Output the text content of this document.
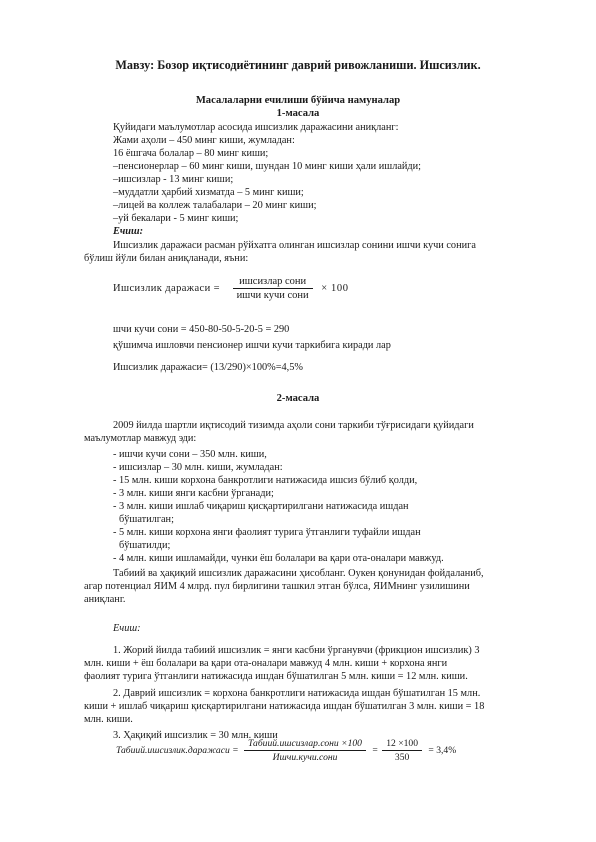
Мавзу: Бозор иқтисодиётининг даврий ривожланиши. Ишсизлик.
Масалаларни ечилиши бўйича намуналар
1-масала
Қуйидаги маълумотлар асосида ишсизлик даражасини аниқланг:
Жами аҳоли – 450 минг киши, жумладан:
16 ёшгача болалар – 80 минг киши;
–пенсионерлар – 60 минг киши, шундан 10 минг киши ҳали ишлайди;
–ишсизлар - 13 минг киши;
–муддатли ҳарбий хизматда – 5 минг киши;
–лицей ва коллеж талабалари – 20 минг киши;
–уй бекалари - 5 минг киши;
Ечиш:
Ишсизлик даражаси расман рўйхатга олинган ишсизлар сонини ишчи кучи сонига
бўлиш йўли билан аниқланади, яъни:
Ишсизлик даражаси = $\frac{\text{ишсизлар сони}}{\text{ишчи кучи сони}} \times 100$
шчи кучи сони = 450-80-50-5-20-5 = 290
қўшимча ишловчи пенсионер ишчи кучи таркибига киради лар
Ишсизлик даражаси= (13/290)×100%=4,5%
2-масала
2009 йилда шартли иқтисодий тизимда аҳоли сони таркиби тўғрисидаги қуйидаги
маълумотлар мавжуд эди:
- ишчи кучи сони – 350 млн. киши,
- ишсизлар – 30 млн. киши, жумладан:
- 15 млн. киши корхона банкротлиги натижасида ишсиз бўлиб қолди,
- 3 млн. киши янги касбни ўрганади;
- 3 млн. киши ишлаб чиқариш қисқартирилгани натижасида ишдан
бўшатилган;
- 5 млн. киши корхона янги фаолият турига ўтганлиги туфайли ишдан
бўшатилди;
- 4 млн. киши ишламайди, чунки ёш болалари ва қари ота-оналари мавжуд.
Табиий ва ҳақиқий ишсизлик даражасини ҳисобланг. Оукен қонунидан фойдаланиб,
агар потенциал ЯИМ 4 млрд. пул бирлигини ташкил этган бўлса, ЯИМнинг узилишини
аниқланг.
Ечиш:
1. Жорий йилда табиий ишсизлик = янги касбни ўрганувчи (фрикцион ишсизлик) 3
млн. киши + ёш болалари ва қари ота-оналари мавжуд 4 млн. киши + корхона янги
фаолият турига ўтганлиги натижасида ишдан бўшатилган 5 млн. киши = 12 млн. киши.
2. Даврий ишсизлик = корхона банкротлиги натижасида ишдан бўшатилган 15 млн.
киши + ишлаб чиқариш қисқартирилгани натижасида ишдан бўшатилган 3 млн. киши = 18
млн. киши.
3. Ҳақиқий ишсизлик = 30 млн. киши
Табиий.ишсизлик.даражаси = $\frac{\text{Табиий.ишсизлар.сони ×100}}{\text{Ишчи.кучи.сони}} = \frac{12 \times 100}{350} = 3,4\%$
